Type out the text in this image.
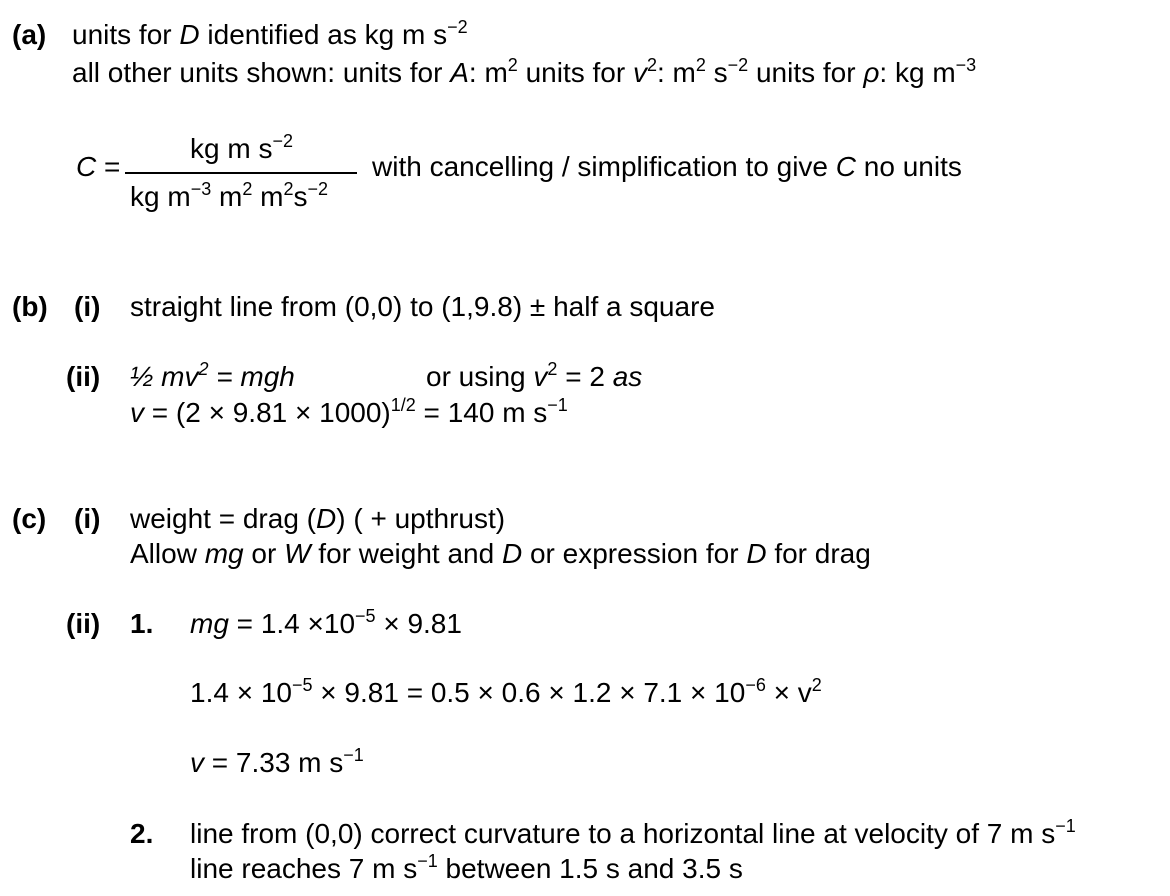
(a) units for D identified as kg m $s^{-2}$
all other units shown: units for A: $m^2$ units for $v^2$: $m^2$ $s^{-2}$ units for ρ: kg $m^{-3}$
C =
kg m $s^{-2}$
kg $m^{-3}$ $m^2$ $m^2s^{-2}$
with cancelling / simplification to give C no units
(b) (i) straight line from (0,0) to (1,9.8) ± half a square
(ii) ½ $mv^2$ = mgh	or using $v^2 = 2$ as
$v = (2 \times 9.81 \times 1000)^{1/2} = 140$ m $s^{-1}$
(c) (i) weight = drag (D) ( + upthrust)
Allow mg or W for weight and D or expression for D for drag
(ii) 1. mg = $1.4 \times 10^{-5} \times 9.81$
$1.4 \times 10^{-5} \times 9.81 = 0.5 \times 0.6 \times 1.2 \times 7.1 \times 10^{-6} \times v^2$
v = 7.33 m $s^{-1}$
2. line from (0,0) correct curvature to a horizontal line at velocity of 7 m $s^{-1}$
line reaches 7 m $s^{-1}$ between 1.5 s and 3.5 s
